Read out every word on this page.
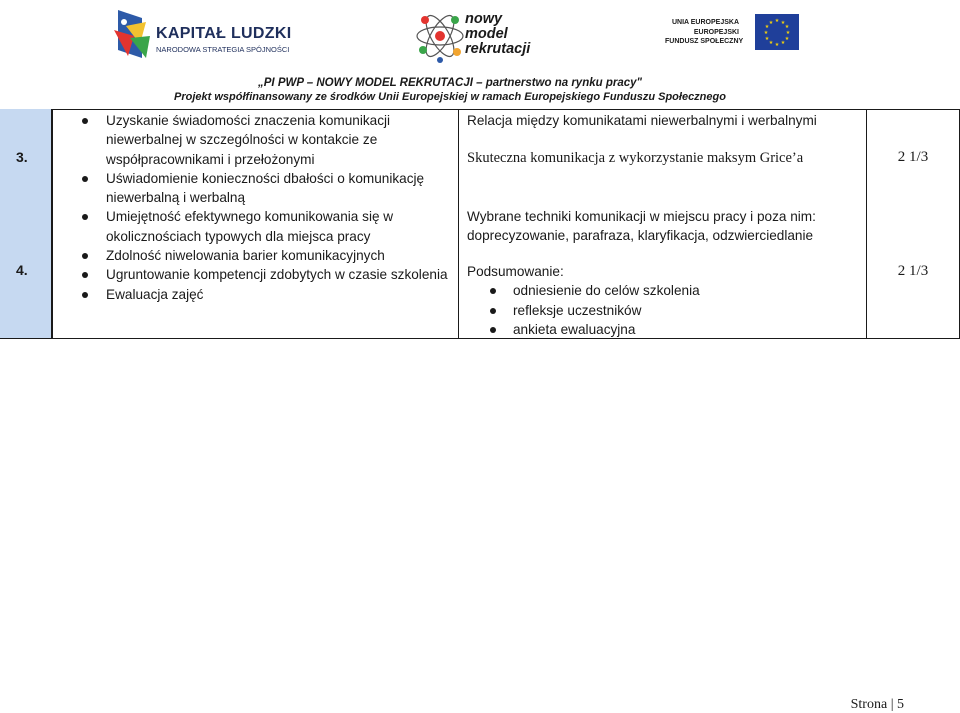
KAPITAŁ LUDZKI
NARODOWA STRATEGIA SPÓJNOŚCI
nowy
model
rekrutacji
UNIA EUROPEJSKA
EUROPEJSKI
FUNDUSZ SPOŁECZNY
★ ★
★
★
★
★
★
★
★
★
★
★
„PI PWP – NOWY MODEL REKRUTACJI – partnerstwo na rynku pracy"
Projekt współfinansowany ze środków Unii Europejskiej w ramach Europejskiego Funduszu Społecznego
3.
4.
Uzyskanie świadomości znaczenia komunikacji niewerbalnej w szczególności w kontakcie ze współpracownikami i przełożonymi
Uświadomienie konieczności dbałości o komunikację niewerbalną i werbalną
Umiejętność efektywnego komunikowania się w okolicznościach typowych dla miejsca pracy
Zdolność niwelowania barier komunikacyjnych
Ugruntowanie kompetencji zdobytych w czasie szkolenia
Ewaluacja zajęć
Relacja między komunikatami niewerbalnymi i werbalnymi
Skuteczna komunikacja z wykorzystanie maksym Grice’a
Wybrane techniki komunikacji w miejscu pracy i poza nim:
doprecyzowanie, parafraza, klaryfikacja, odzwierciedlanie
Podsumowanie:
odniesienie do celów szkolenia
refleksje uczestników
ankieta ewaluacyjna
2 1/3
2 1/3
Strona | 5
